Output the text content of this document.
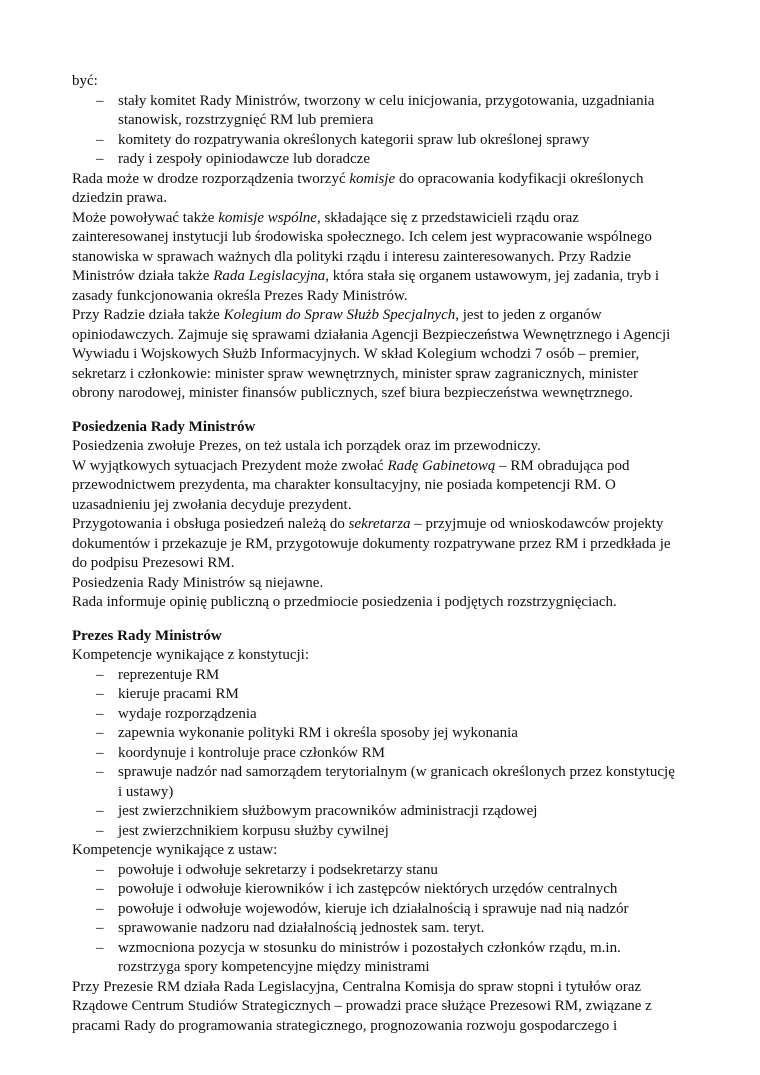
być:
– stały komitet Rady Ministrów, tworzony w celu inicjowania, przygotowania, uzgadniania
stanowisk, rozstrzygnięć RM lub premiera
– komitety do rozpatrywania określonych kategorii spraw lub określonej sprawy
– rady i zespoły opiniodawcze lub doradcze
Rada może w drodze rozporządzenia tworzyć komisje do opracowania kodyfikacji określonych
dziedzin prawa.
Może powoływać także komisje wspólne, składające się z przedstawicieli rządu oraz
zainteresowanej instytucji lub środowiska społecznego. Ich celem jest wypracowanie wspólnego
stanowiska w sprawach ważnych dla polityki rządu i interesu zainteresowanych. Przy Radzie
Ministrów działa także Rada Legislacyjna, która stała się organem ustawowym, jej zadania, tryb i
zasady funkcjonowania określa Prezes Rady Ministrów.
Przy Radzie działa także Kolegium do Spraw Służb Specjalnych, jest to jeden z organów
opiniodawczych. Zajmuje się sprawami działania Agencji Bezpieczeństwa Wewnętrznego i Agencji
Wywiadu i Wojskowych Służb Informacyjnych. W skład Kolegium wchodzi 7 osób – premier,
sekretarz i członkowie: minister spraw wewnętrznych, minister spraw zagranicznych, minister
obrony narodowej, minister finansów publicznych, szef biura bezpieczeństwa wewnętrznego.
Posiedzenia Rady Ministrów
Posiedzenia zwołuje Prezes, on też ustala ich porządek oraz im przewodniczy.
W wyjątkowych sytuacjach Prezydent może zwołać Radę Gabinetową – RM obradująca pod
przewodnictwem prezydenta, ma charakter konsultacyjny, nie posiada kompetencji RM. O
uzasadnieniu jej zwołania decyduje prezydent.
Przygotowania i obsługa posiedzeń należą do sekretarza – przyjmuje od wnioskodawców projekty
dokumentów i przekazuje je RM, przygotowuje dokumenty rozpatrywane przez RM i przedkłada je
do podpisu Prezesowi RM.
Posiedzenia Rady Ministrów są niejawne.
Rada informuje opinię publiczną o przedmiocie posiedzenia i podjętych rozstrzygnięciach.
Prezes Rady Ministrów
Kompetencje wynikające z konstytucji:
– reprezentuje RM
– kieruje pracami RM
– wydaje rozporządzenia
– zapewnia wykonanie polityki RM i określa sposoby jej wykonania
– koordynuje i kontroluje prace członków RM
– sprawuje nadzór nad samorządem terytorialnym (w granicach określonych przez konstytucję
i ustawy)
– jest zwierzchnikiem służbowym pracowników administracji rządowej
– jest zwierzchnikiem korpusu służby cywilnej
Kompetencje wynikające z ustaw:
– powołuje i odwołuje sekretarzy i podsekretarzy stanu
– powołuje i odwołuje kierowników i ich zastępców niektórych urzędów centralnych
– powołuje i odwołuje wojewodów, kieruje ich działalnością i sprawuje nad nią nadzór
– sprawowanie nadzoru nad działalnością jednostek sam. teryt.
– wzmocniona pozycja w stosunku do ministrów i pozostałych członków rządu, m.in.
rozstrzyga spory kompetencyjne między ministrami
Przy Prezesie RM działa Rada Legislacyjna, Centralna Komisja do spraw stopni i tytułów oraz
Rządowe Centrum Studiów Strategicznych – prowadzi prace służące Prezesowi RM, związane z
pracami Rady do programowania strategicznego, prognozowania rozwoju gospodarczego i
